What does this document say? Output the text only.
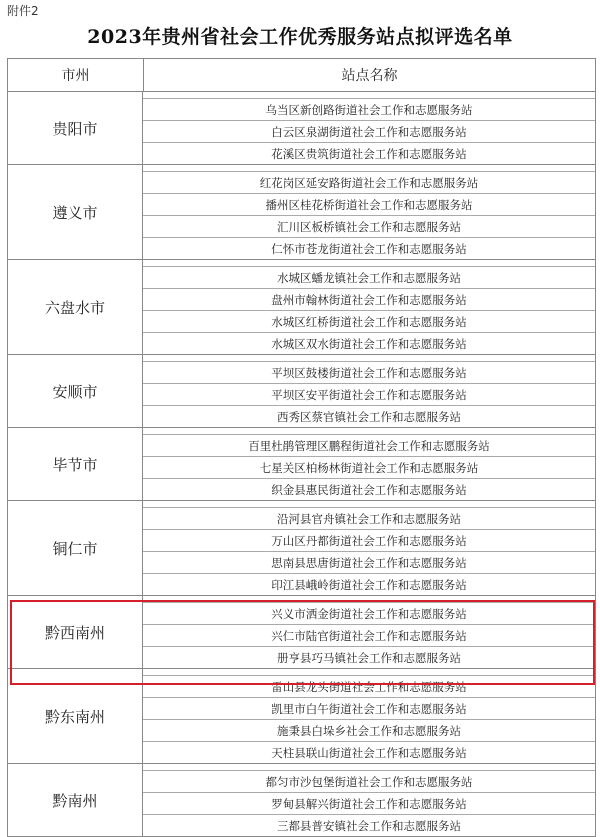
附件2
2023年贵州省社会工作优秀服务站点拟评选名单
市州	站点名称
贵阳市
乌当区新创路街道社会工作和志愿服务站
白云区泉湖街道社会工作和志愿服务站
花溪区贵筑街道社会工作和志愿服务站
遵义市
红花岗区延安路街道社会工作和志愿服务站
播州区桂花桥街道社会工作和志愿服务站
汇川区板桥镇社会工作和志愿服务站
仁怀市苍龙街道社会工作和志愿服务站
六盘水市
水城区蟠龙镇社会工作和志愿服务站
盘州市翰林街道社会工作和志愿服务站
水城区红桥街道社会工作和志愿服务站
水城区双水街道社会工作和志愿服务站
安顺市
平坝区鼓楼街道社会工作和志愿服务站
平坝区安平街道社会工作和志愿服务站
西秀区蔡官镇社会工作和志愿服务站
毕节市
百里杜鹃管理区鹏程街道社会工作和志愿服务站
七星关区柏杨林街道社会工作和志愿服务站
织金县惠民街道社会工作和志愿服务站
铜仁市
沿河县官舟镇社会工作和志愿服务站
万山区丹都街道社会工作和志愿服务站
思南县思唐街道社会工作和志愿服务站
印江县峨岭街道社会工作和志愿服务站
黔西南州
兴义市洒金街道社会工作和志愿服务站
兴仁市陆官街道社会工作和志愿服务站
册亨县巧马镇社会工作和志愿服务站
黔东南州
雷山县龙头街道社会工作和志愿服务站
凯里市白午街道社会工作和志愿服务站
施秉县白垛乡社会工作和志愿服务站
天柱县联山街道社会工作和志愿服务站
黔南州
都匀市沙包堡街道社会工作和志愿服务站
罗甸县解兴街道社会工作和志愿服务站
三都县普安镇社会工作和志愿服务站
